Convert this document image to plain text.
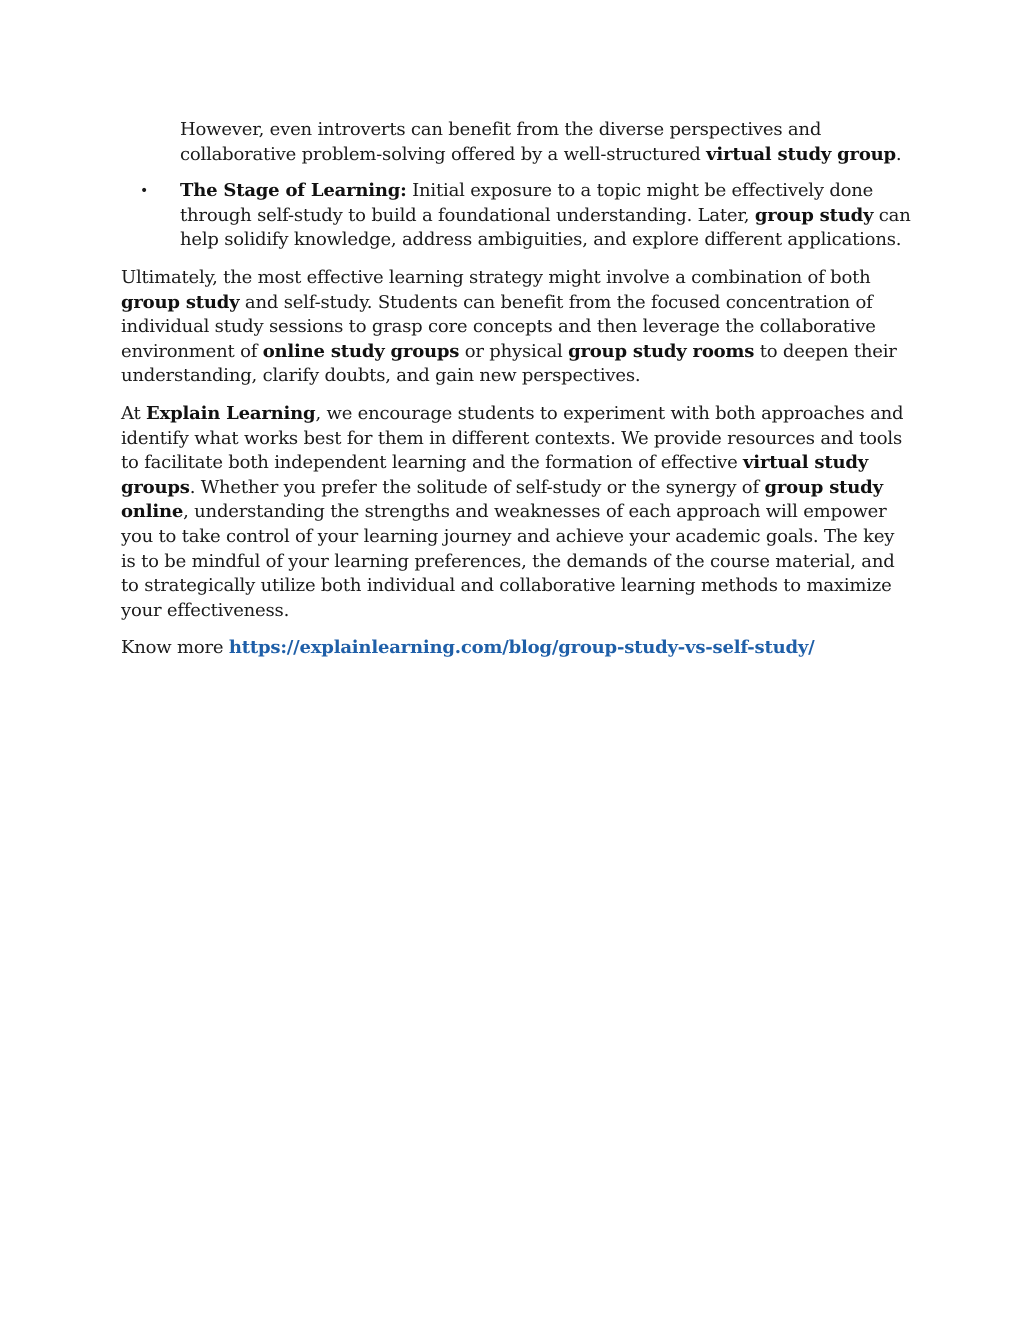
However, even introverts can benefit from the diverse perspectives and collaborative problem-solving offered by a well-structured virtual study group.

• The Stage of Learning: Initial exposure to a topic might be effectively done through self-study to build a foundational understanding. Later, group study can help solidify knowledge, address ambiguities, and explore different applications.

Ultimately, the most effective learning strategy might involve a combination of both group study and self-study. Students can benefit from the focused concentration of individual study sessions to grasp core concepts and then leverage the collaborative environment of online study groups or physical group study rooms to deepen their understanding, clarify doubts, and gain new perspectives.

At Explain Learning, we encourage students to experiment with both approaches and identify what works best for them in different contexts. We provide resources and tools to facilitate both independent learning and the formation of effective virtual study groups. Whether you prefer the solitude of self-study or the synergy of group study online, understanding the strengths and weaknesses of each approach will empower you to take control of your learning journey and achieve your academic goals. The key is to be mindful of your learning preferences, the demands of the course material, and to strategically utilize both individual and collaborative learning methods to maximize your effectiveness.

Know more https://explainlearning.com/blog/group-study-vs-self-study/
